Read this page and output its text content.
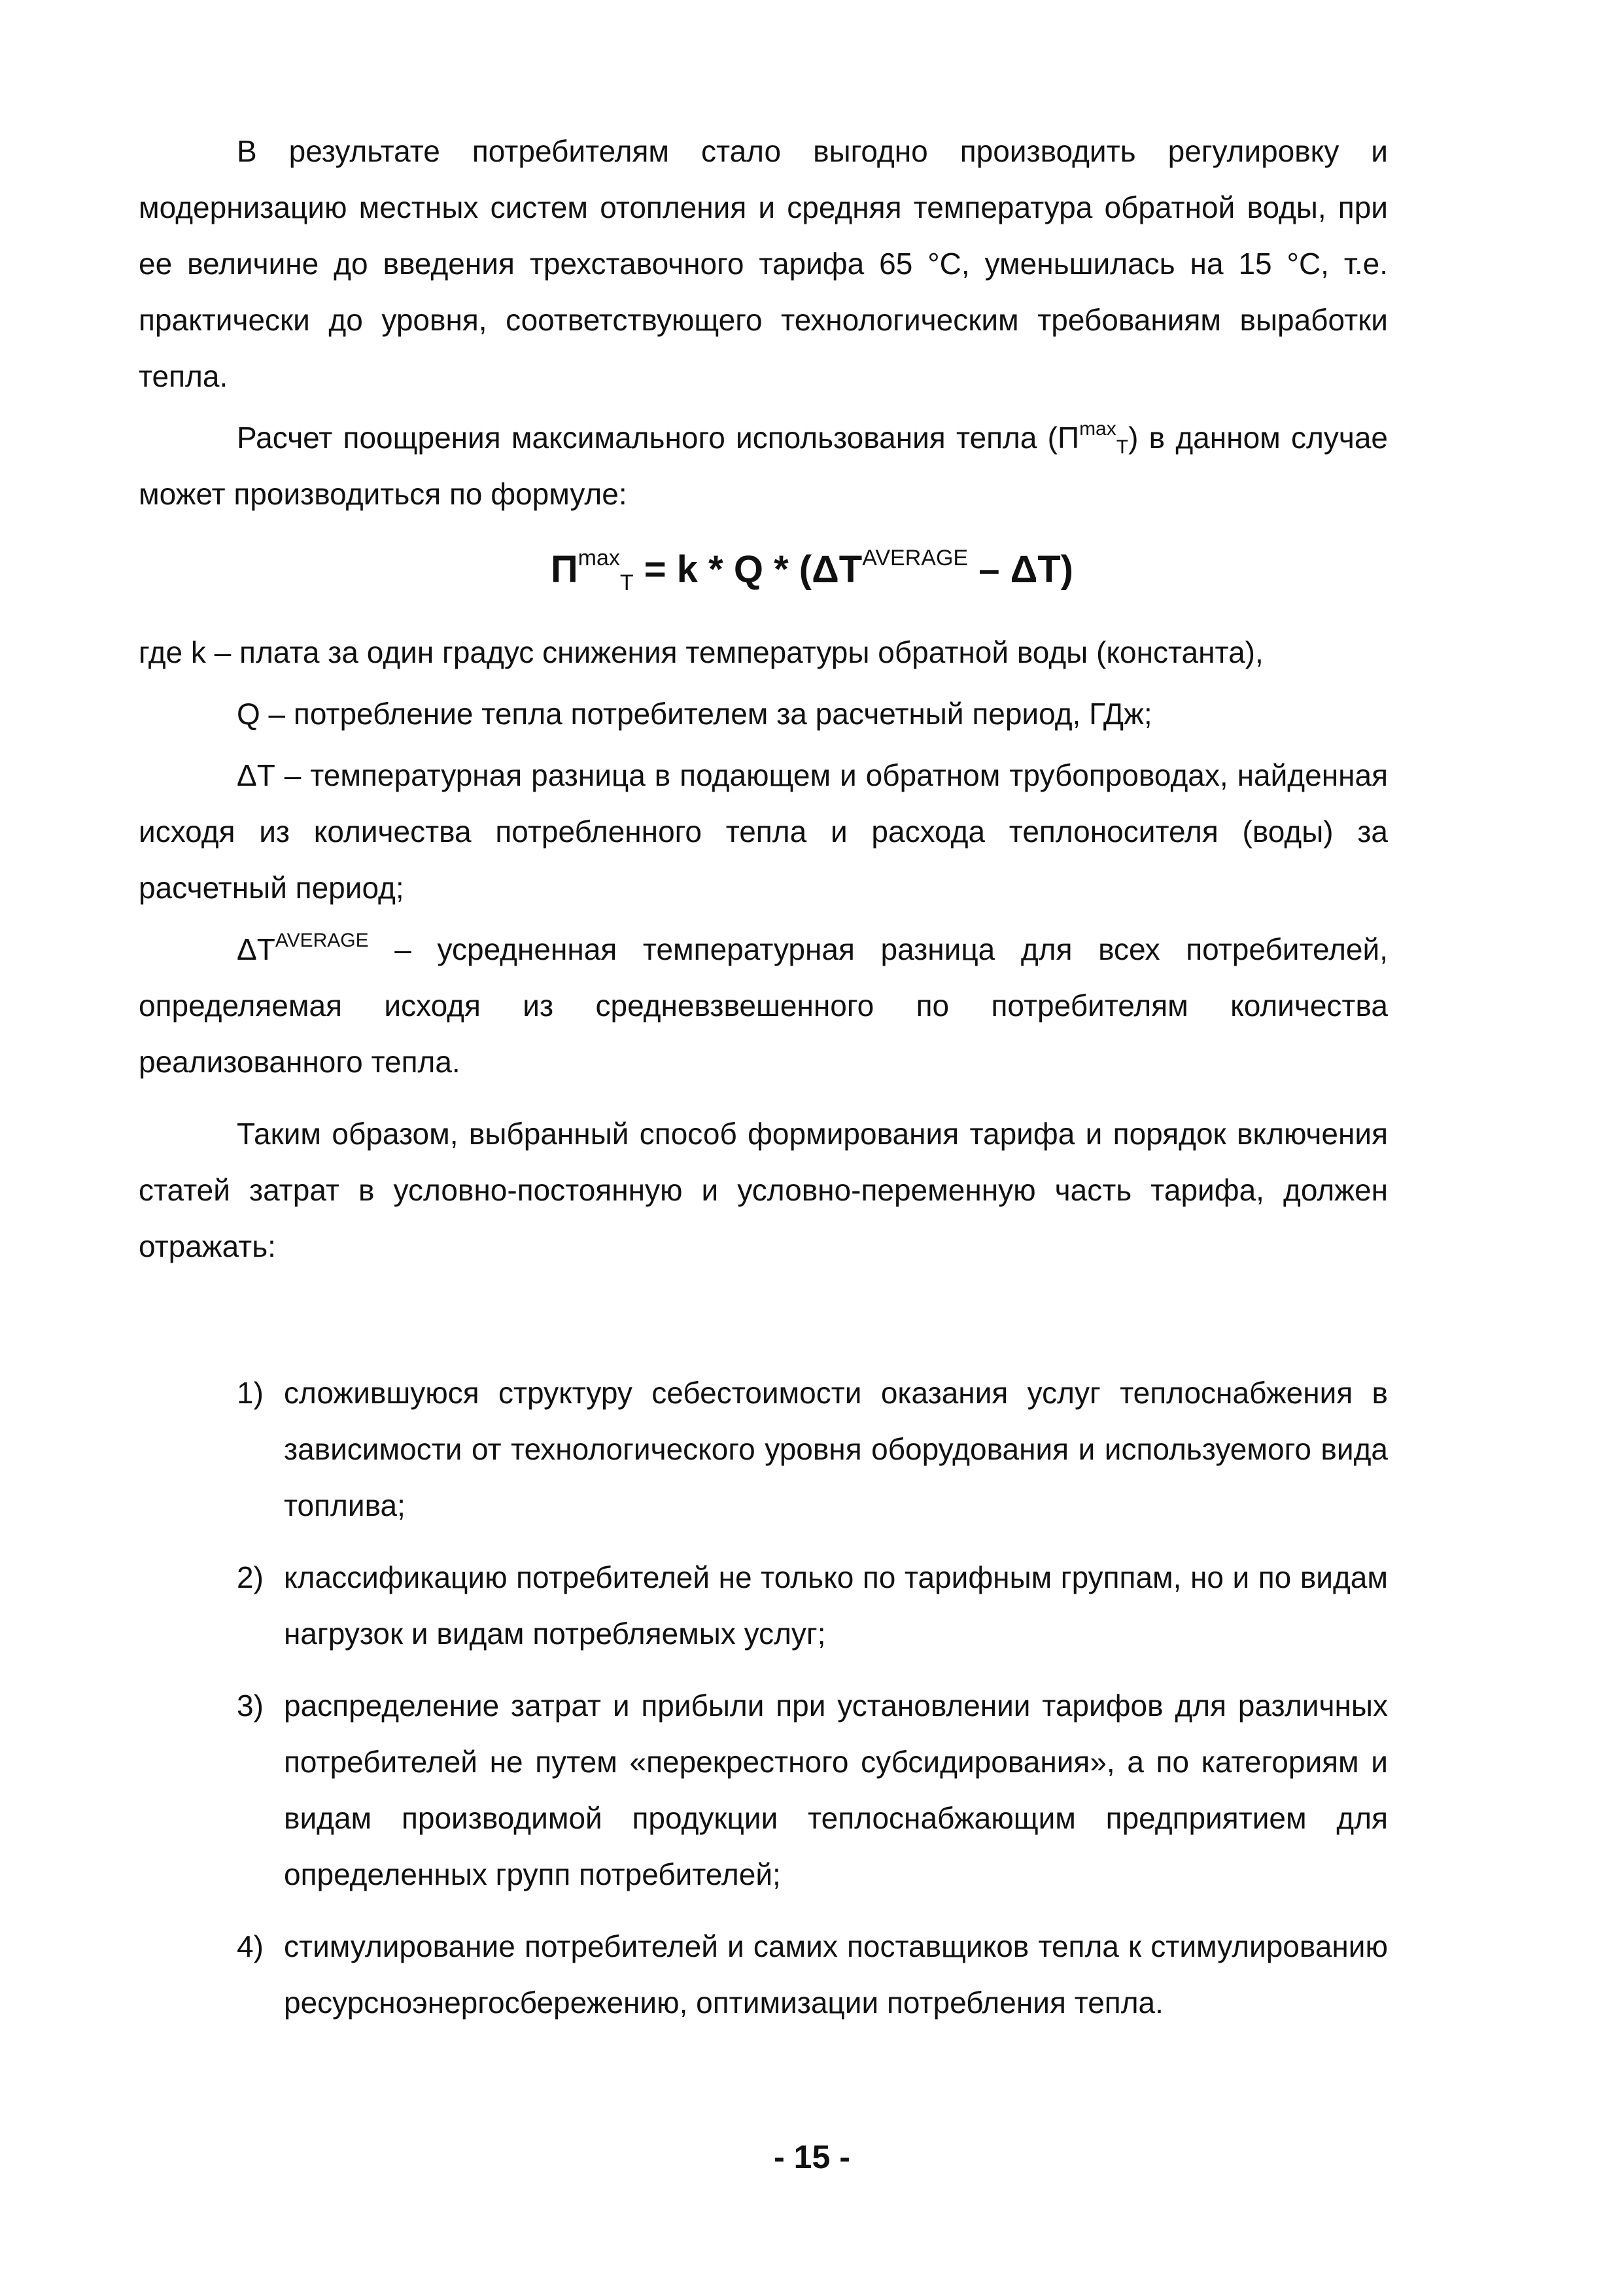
В результате потребителям стало выгодно производить регулировку и модернизацию местных систем отопления и средняя температура обратной воды, при ее величине до введения трехставочного тарифа 65 °С, уменьшилась на 15 °С, т.е. практически до уровня, соответствующего технологическим требованиям выработки тепла.

Расчет поощрения максимального использования тепла $(П^{max}_Т)$ в данном случае может производиться по формуле:

$П^{max}_Т = k * Q * (\Delta Т^{AVERAGE} - \Delta Т)$

где k – плата за один градус снижения температуры обратной воды (константа),

Q – потребление тепла потребителем за расчетный период, ГДж;

ΔТ – температурная разница в подающем и обратном трубопроводах, найденная исходя из количества потребленного тепла и расхода теплоносителя (воды) за расчетный период;

$\Delta Т^{AVERAGE}$ – усредненная температурная разница для всех потребителей, определяемая исходя из средневзвешенного по потребителям количества реализованного тепла.

Таким образом, выбранный способ формирования тарифа и порядок включения статей затрат в условно-постоянную и условно-переменную часть тарифа, должен отражать:

1) сложившуюся структуру себестоимости оказания услуг теплоснабжения в зависимости от технологического уровня оборудования и используемого вида топлива;
2) классификацию потребителей не только по тарифным группам, но и по видам нагрузок и видам потребляемых услуг;
3) распределение затрат и прибыли при установлении тарифов для различных потребителей не путем «перекрестного субсидирования», а по категориям и видам производимой продукции теплоснабжающим предприятием для определенных групп потребителей;
4) стимулирование потребителей и самих поставщиков тепла к стимулированию ресурсноэнергосбережению, оптимизации потребления тепла.
- 15 -
